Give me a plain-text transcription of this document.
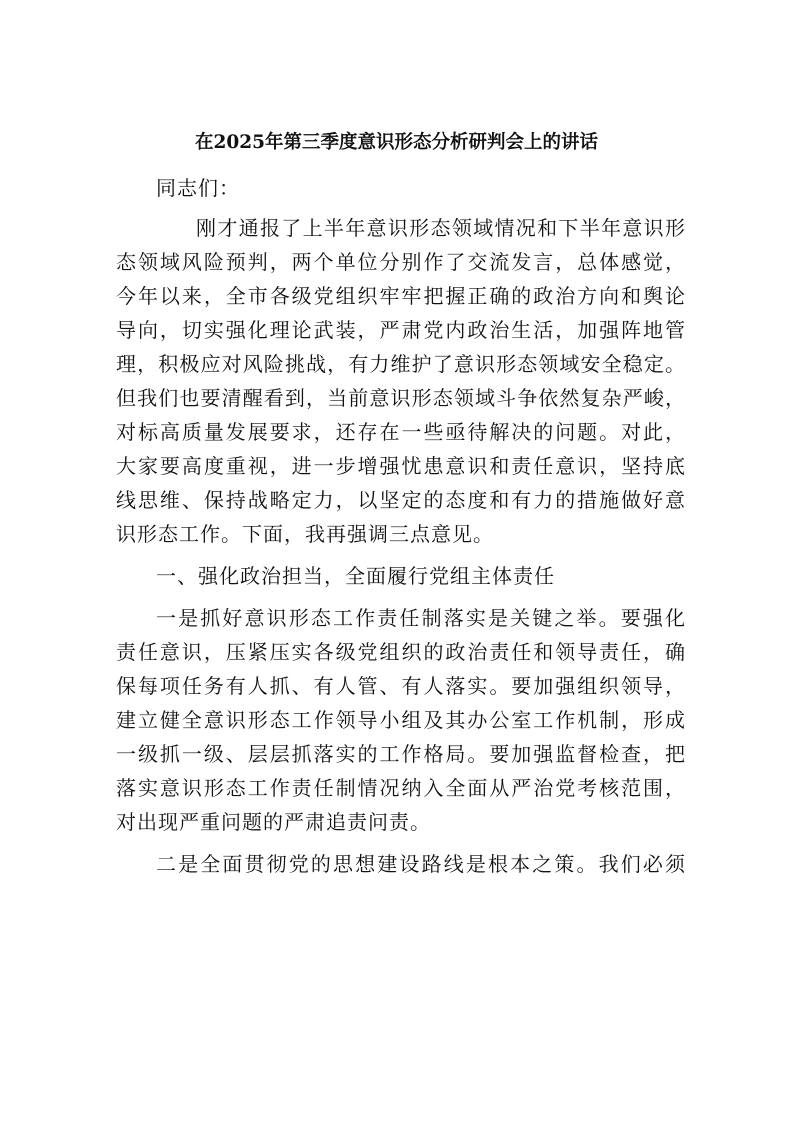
在2025年第三季度意识形态分析研判会上的讲话

同志们：

刚才通报了上半年意识形态领域情况和下半年意识形
态领域风险预判，两个单位分别作了交流发言，总体感觉，
今年以来，全市各级党组织牢牢把握正确的政治方向和舆论
导向，切实强化理论武装，严肃党内政治生活，加强阵地管
理，积极应对风险挑战，有力维护了意识形态领域安全稳定。
但我们也要清醒看到，当前意识形态领域斗争依然复杂严峻，
对标高质量发展要求，还存在一些亟待解决的问题。对此，
大家要高度重视，进一步增强忧患意识和责任意识，坚持底
线思维、保持战略定力，以坚定的态度和有力的措施做好意
识形态工作。下面，我再强调三点意见。

一、强化政治担当，全面履行党组主体责任

一是抓好意识形态工作责任制落实是关键之举。要强化
责任意识，压紧压实各级党组织的政治责任和领导责任，确
保每项任务有人抓、有人管、有人落实。要加强组织领导，
建立健全意识形态工作领导小组及其办公室工作机制，形成
一级抓一级、层层抓落实的工作格局。要加强监督检查，把
落实意识形态工作责任制情况纳入全面从严治党考核范围，
对出现严重问题的严肃追责问责。
二是全面贯彻党的思想建设路线是根本之策。我们必须
